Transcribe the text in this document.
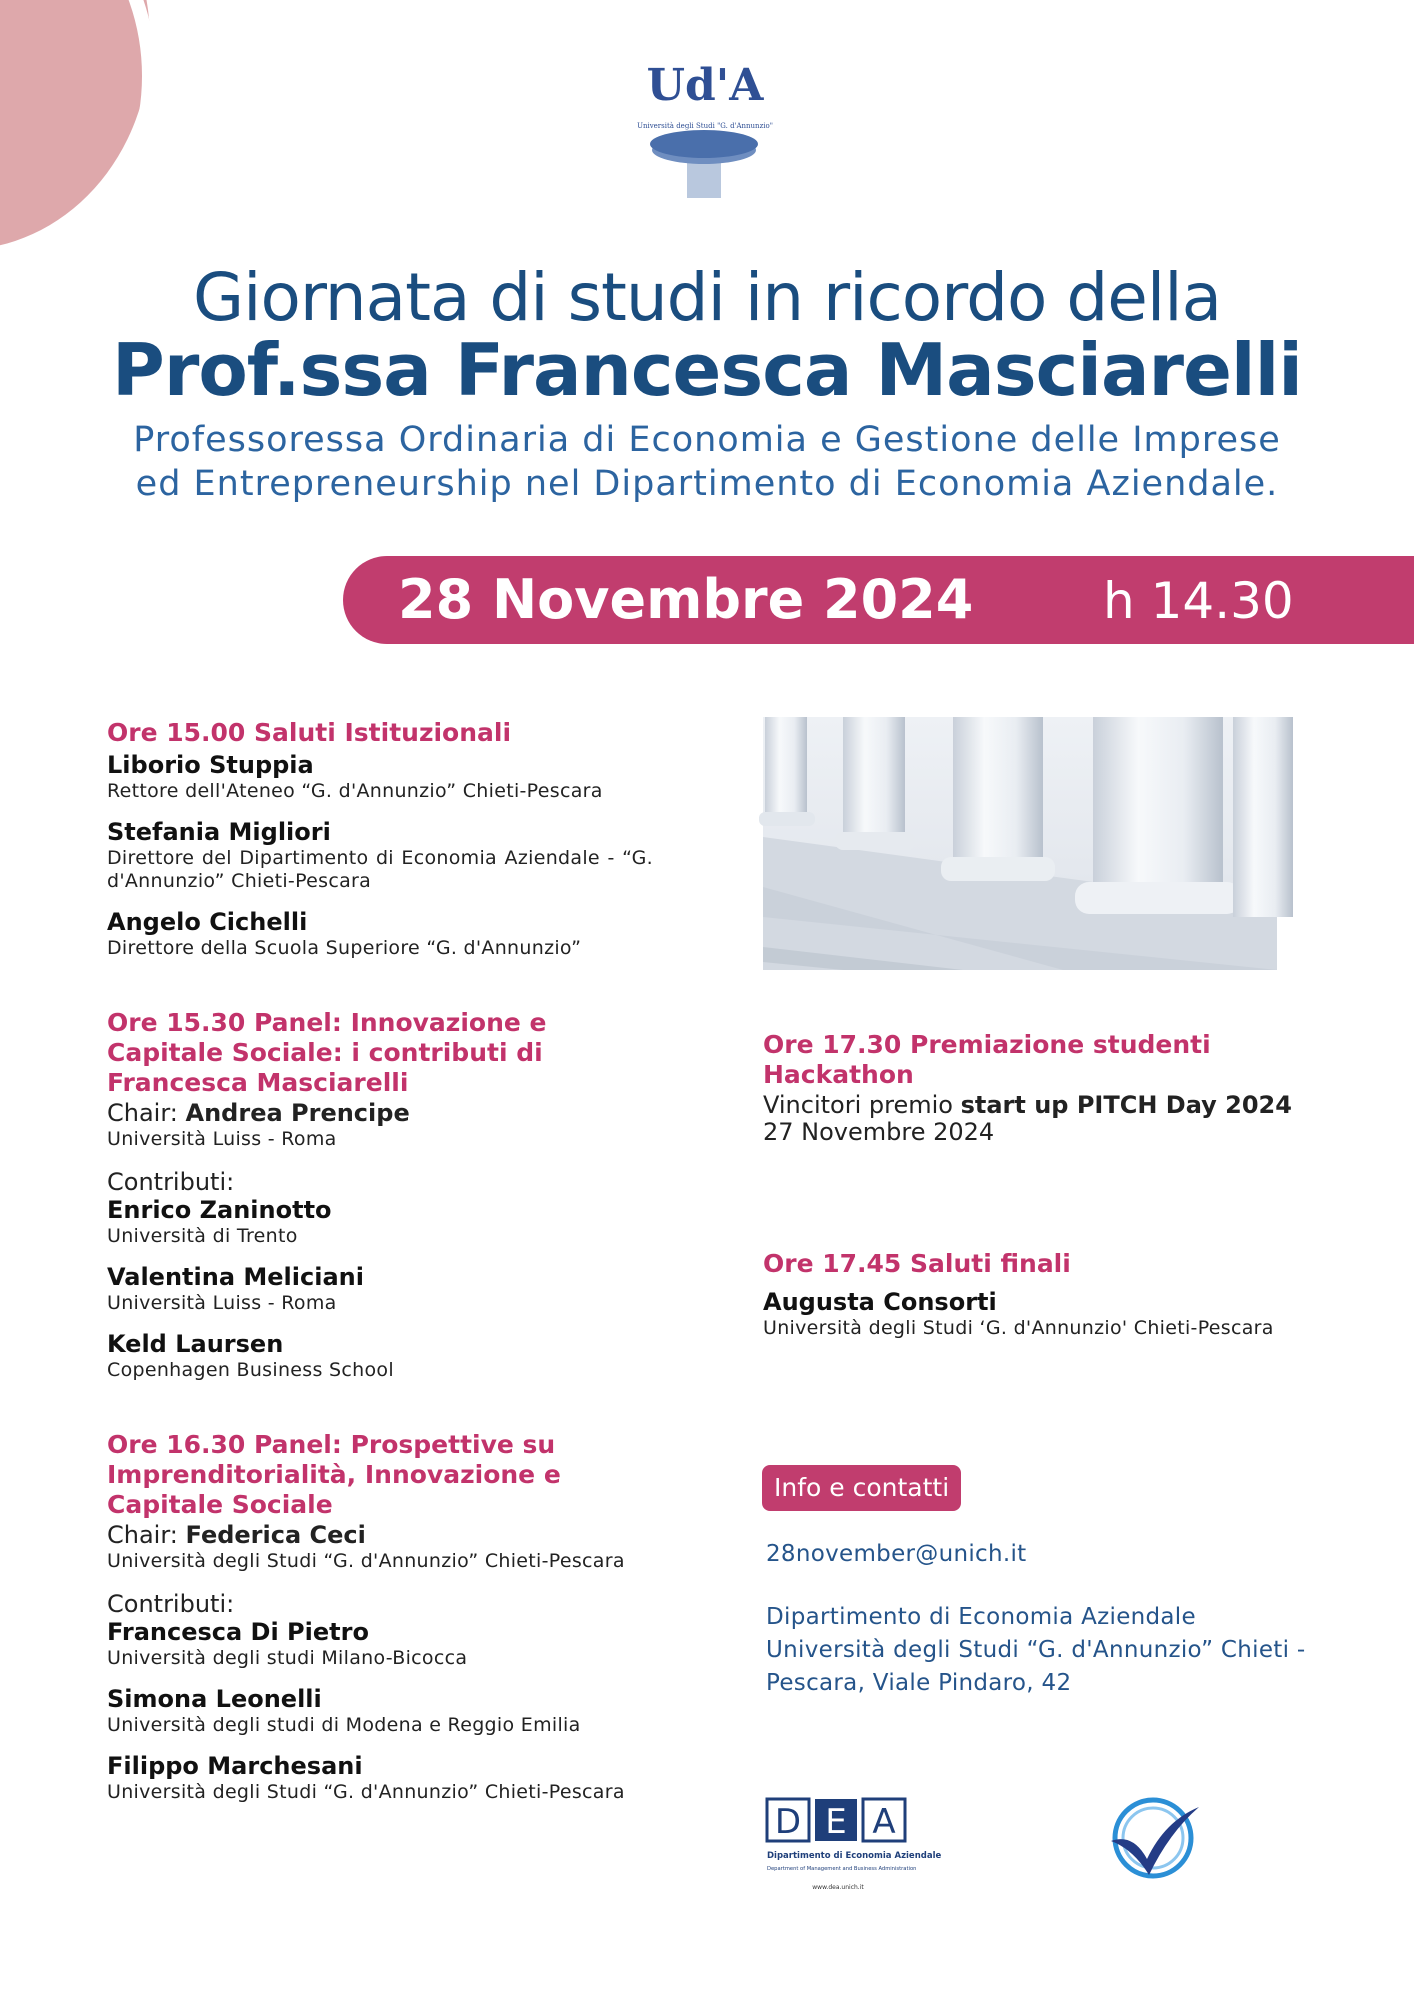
Ud'A
Università degli Studi "G. d'Annunzio"
Giornata di studi in ricordo della
Prof.ssa Francesca Masciarelli
Professoressa Ordinaria di Economia e Gestione delle Imprese
ed Entrepreneurship nel Dipartimento di Economia Aziendale.
28 Novembre 2024	h 14.30
Ore 15.00 Saluti Istituzionali
Liborio Stuppia
Rettore dell'Ateneo “G. d'Annunzio” Chieti-Pescara
Stefania Migliori
Direttore del Dipartimento di Economia Aziendale - “G. d'Annunzio” Chieti-Pescara
Angelo Cichelli
Direttore della Scuola Superiore “G. d'Annunzio”
Ore 15.30 Panel: Innovazione e Capitale Sociale: i contributi di Francesca Masciarelli
Chair: Andrea Prencipe
Università Luiss - Roma
Contributi:
Enrico Zaninotto
Università di Trento
Valentina Meliciani
Università Luiss - Roma
Keld Laursen
Copenhagen Business School
Ore 16.30 Panel: Prospettive su Imprenditorialità, Innovazione e Capitale Sociale
Chair: Federica Ceci
Università degli Studi “G. d'Annunzio” Chieti-Pescara
Contributi:
Francesca Di Pietro
Università degli studi Milano-Bicocca
Simona Leonelli
Università degli studi di Modena e Reggio Emilia
Filippo Marchesani
Università degli Studi “G. d'Annunzio” Chieti-Pescara
Ore 17.30 Premiazione studenti Hackathon
Vincitori premio start up PITCH Day 2024
27 Novembre 2024
Ore 17.45 Saluti finali
Augusta Consorti
Università degli Studi ‘G. d'Annunzio' Chieti-Pescara
Info e contatti
28november@unich.it
Dipartimento di Economia Aziendale
Università degli Studi “G. d'Annunzio” Chieti -
Pescara, Viale Pindaro, 42
D E A
Dipartimento di Economia Aziendale
Department of Management and Business Administration
www.dea.unich.it
